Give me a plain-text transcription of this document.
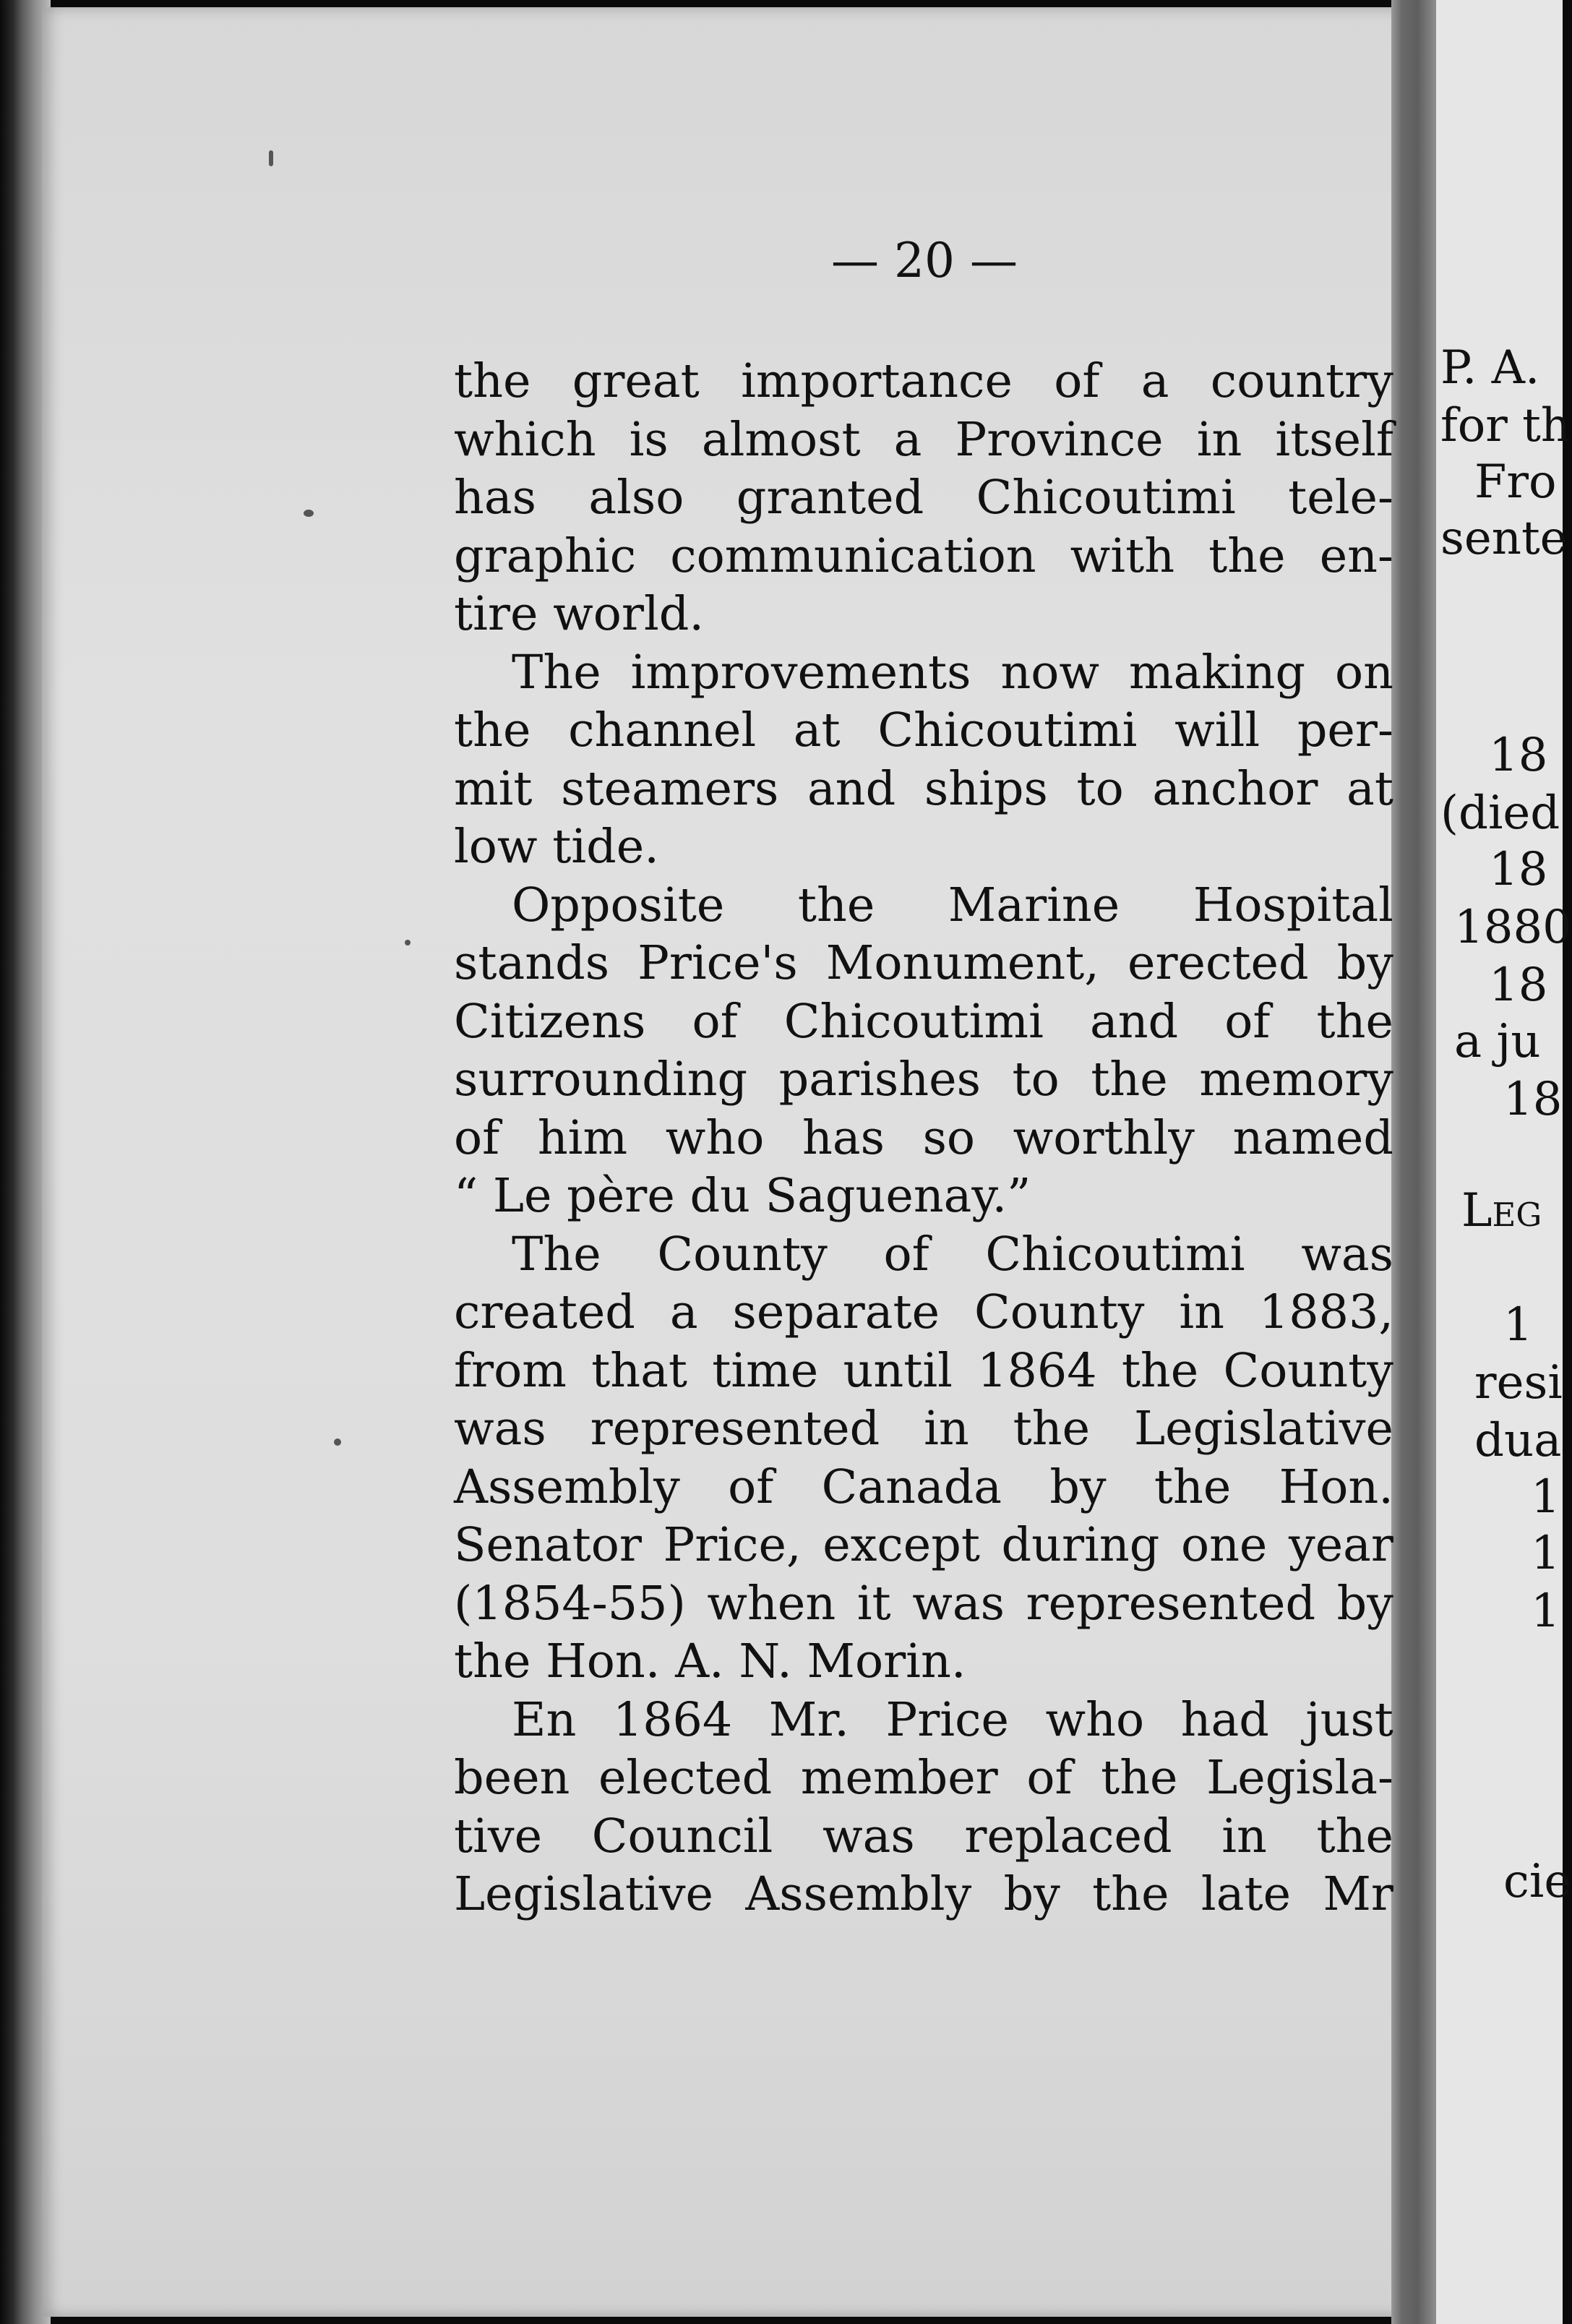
— 20 —
the great importance of a country
which is almost a Province in itself
has also granted Chicoutimi tele-
graphic communication with the en-
tire world.
The improvements now making on
the channel at Chicoutimi will per-
mit steamers and ships to anchor at
low tide.
Opposite the Marine Hospital
stands Price's Monument, erected by
Citizens of Chicoutimi and of the
surrounding parishes to the memory
of him who has so worthly named
“ Le père du Saguenay.”
The County of Chicoutimi was
created a separate County in 1883,
from that time until 1864 the County
was represented in the Legislative
Assembly of Canada by the Hon.
Senator Price, except during one year
(1854-55) when it was represented by
the Hon. A. N. Morin.
En 1864 Mr. Price who had just
been elected member of the Legisla-
tive Council was replaced in the
Legislative Assembly by the late Mr
P. A.
for th
Fro
sente
18
(died
18
1880
18
a ju
18
Leg
1
resi
dua
1
1
1
cie
